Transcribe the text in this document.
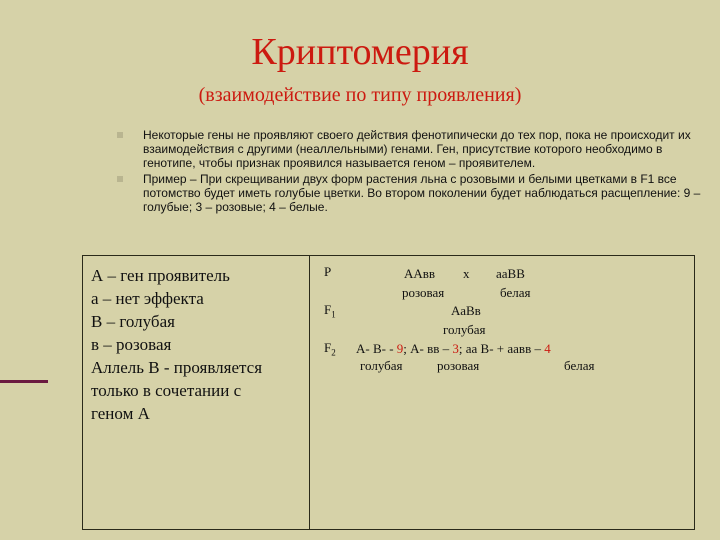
Криптомерия
(взаимодействие по типу проявления)
Некоторые гены не проявляют своего действия фенотипически до тех пор, пока не происходит их взаимодействия с другими (неаллельными) генами. Ген, присутствие которого необходимо в генотипе, чтобы признак проявился называется геном – проявителем.
Пример – При скрещивании двух форм растения льна с розовыми и белыми цветками в F1 все потомство будет иметь голубые цветки. Во втором поколении будет наблюдаться расщепление: 9 – голубые; 3 – розовые; 4 – белые.
А – ген проявитель
а – нет эффекта
В – голубая
в – розовая
Аллель В - проявляется
только в сочетании с
геном А
Р	ААвв х ааВВ
розовая	белая
$F_1$	АаВв
голубая
$F_2$ А- В- - 9; А- вв – 3; аа В- + аавв – 4
голубая	розовая	белая
